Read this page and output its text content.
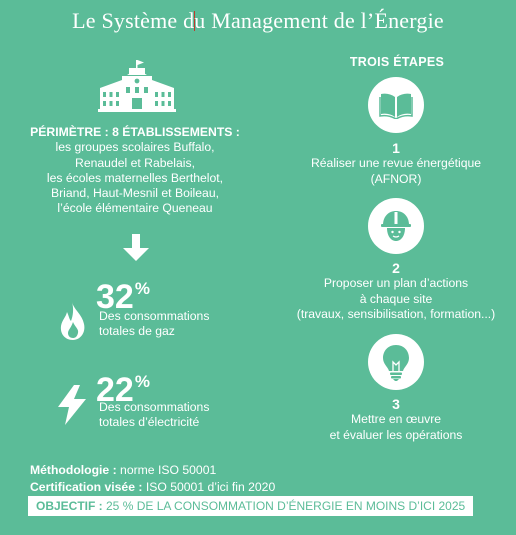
Le Système du Management de l’Énergie
PÉRIMÈTRE : 8 ÉTABLISSEMENTS :
les groupes scolaires Buffalo,
Renaudel et Rabelais,
les écoles maternelles Berthelot,
Briand, Haut-Mesnil et Boileau,
l’école élémentaire Queneau
32%
Des consommations
totales de gaz
22%
Des consommations
totales d’électricité
TROIS ÉTAPES
1
Réaliser une revue énergétique
(AFNOR)
2
Proposer un plan d’actions
à chaque site
(travaux, sensibilisation, formation...)
3
Mettre en œuvre
et évaluer les opérations
Méthodologie : norme ISO 50001
Certification visée : ISO 50001 d’ici fin 2020
OBJECTIF : 25 % DE LA CONSOMMATION D’ÉNERGIE EN MOINS D’ICI 2025
